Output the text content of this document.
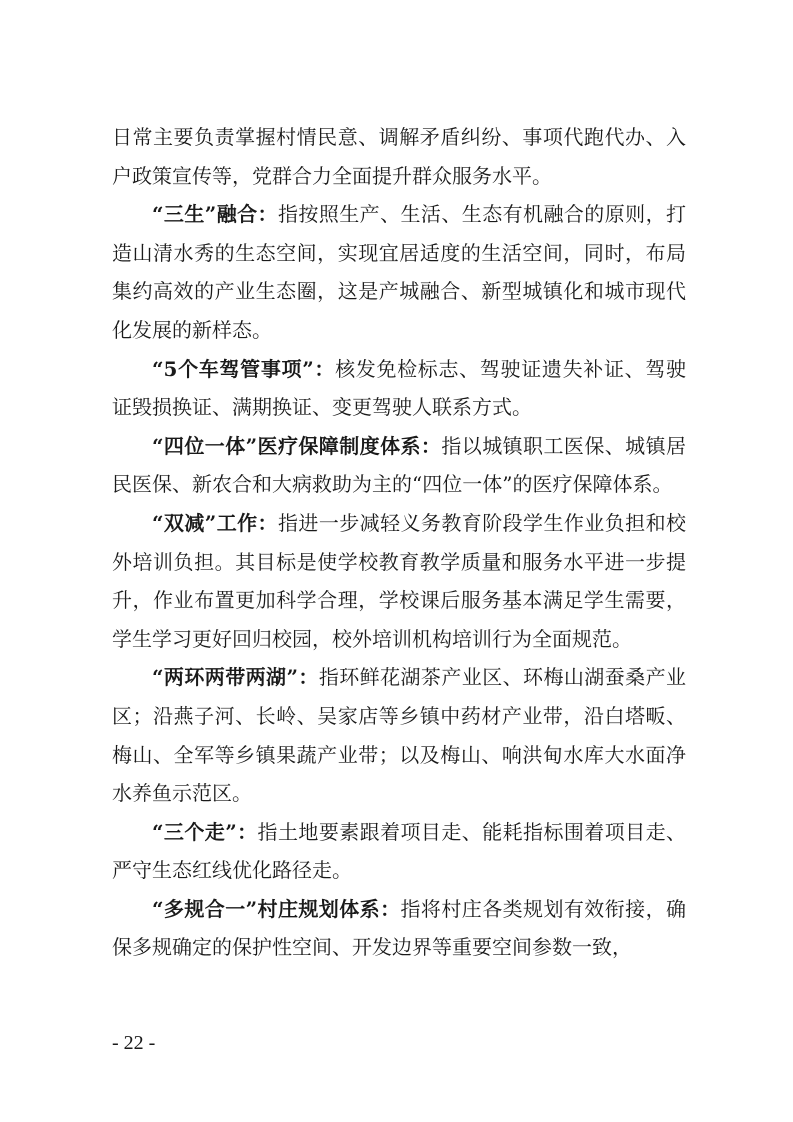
日常主要负责掌握村情民意、调解矛盾纠纷、事项代跑代办、入户政策宣传等，党群合力全面提升群众服务水平。

“三生”融合：指按照生产、生活、生态有机融合的原则，打造山清水秀的生态空间，实现宜居适度的生活空间，同时，布局集约高效的产业生态圈，这是产城融合、新型城镇化和城市现代化发展的新样态。

“5个车驾管事项”：核发免检标志、驾驶证遗失补证、驾驶证毁损换证、满期换证、变更驾驶人联系方式。

“四位一体”医疗保障制度体系：指以城镇职工医保、城镇居民医保、新农合和大病救助为主的“四位一体”的医疗保障体系。

“双减”工作：指进一步减轻义务教育阶段学生作业负担和校外培训负担。其目标是使学校教育教学质量和服务水平进一步提升，作业布置更加科学合理，学校课后服务基本满足学生需要，学生学习更好回归校园，校外培训机构培训行为全面规范。

“两环两带两湖”：指环鲜花湖茶产业区、环梅山湖蚕桑产业区；沿燕子河、长岭、吴家店等乡镇中药材产业带，沿白塔畈、梅山、全军等乡镇果蔬产业带；以及梅山、响洪甸水库大水面净水养鱼示范区。

“三个走”：指土地要素跟着项目走、能耗指标围着项目走、严守生态红线优化路径走。

“多规合一”村庄规划体系：指将村庄各类规划有效衔接，确保多规确定的保护性空间、开发边界等重要空间参数一致，

- 22 -
